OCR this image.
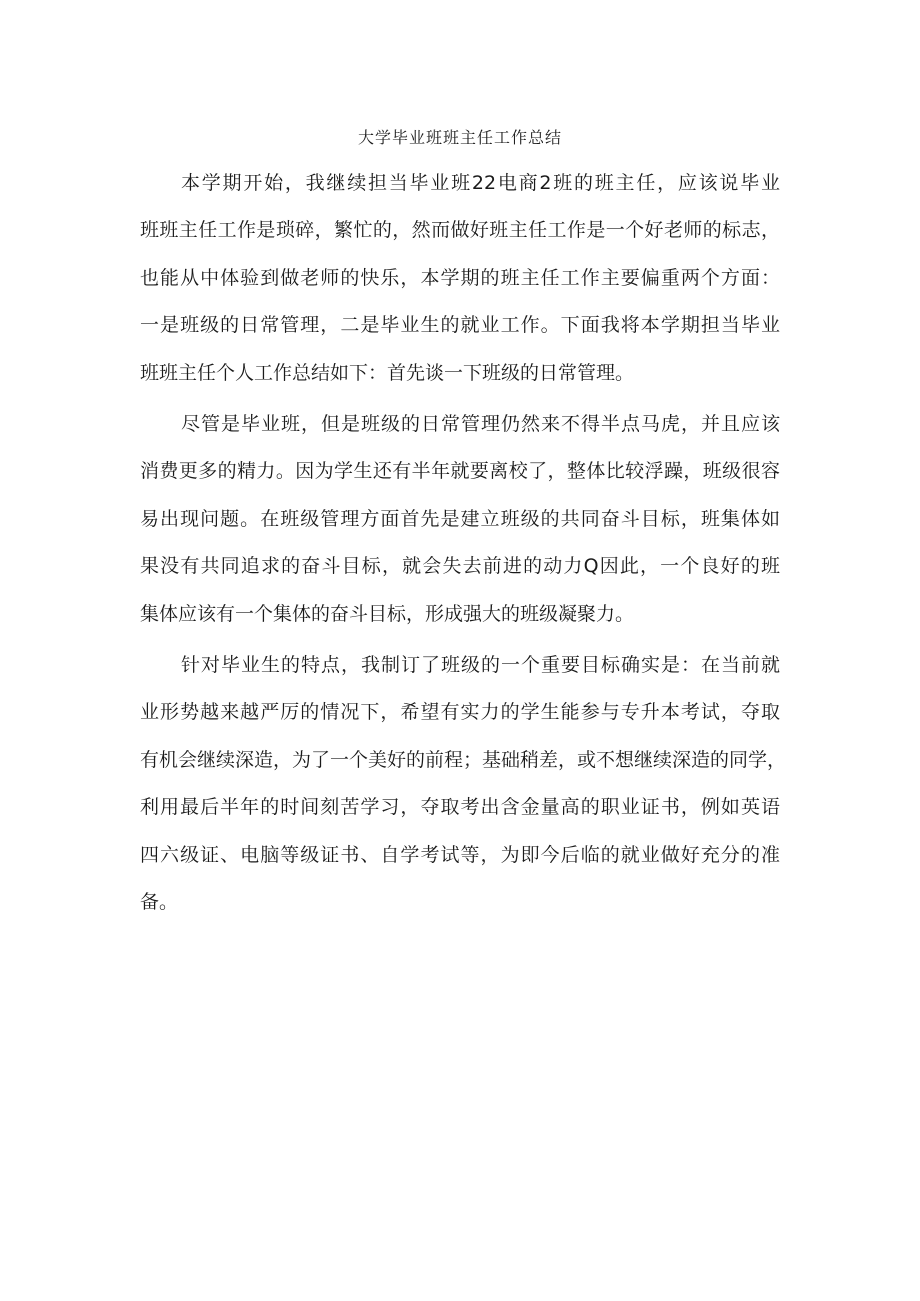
大学毕业班班主任工作总结
本学期开始，我继续担当毕业班22电商2班的班主任，应该说毕业
班班主任工作是琐碎，繁忙的，然而做好班主任工作是一个好老师的标志，
也能从中体验到做老师的快乐，本学期的班主任工作主要偏重两个方面：
一是班级的日常管理，二是毕业生的就业工作。下面我将本学期担当毕业
班班主任个人工作总结如下：首先谈一下班级的日常管理。
尽管是毕业班，但是班级的日常管理仍然来不得半点马虎，并且应该
消费更多的精力。因为学生还有半年就要离校了，整体比较浮躁，班级很容
易出现问题。在班级管理方面首先是建立班级的共同奋斗目标，班集体如
果没有共同追求的奋斗目标，就会失去前进的动力Q因此，一个良好的班
集体应该有一个集体的奋斗目标，形成强大的班级凝聚力。
针对毕业生的特点，我制订了班级的一个重要目标确实是：在当前就
业形势越来越严厉的情况下，希望有实力的学生能参与专升本考试，夺取
有机会继续深造，为了一个美好的前程；基础稍差，或不想继续深造的同学，
利用最后半年的时间刻苦学习，夺取考出含金量高的职业证书，例如英语
四六级证、电脑等级证书、自学考试等，为即今后临的就业做好充分的准
备。
